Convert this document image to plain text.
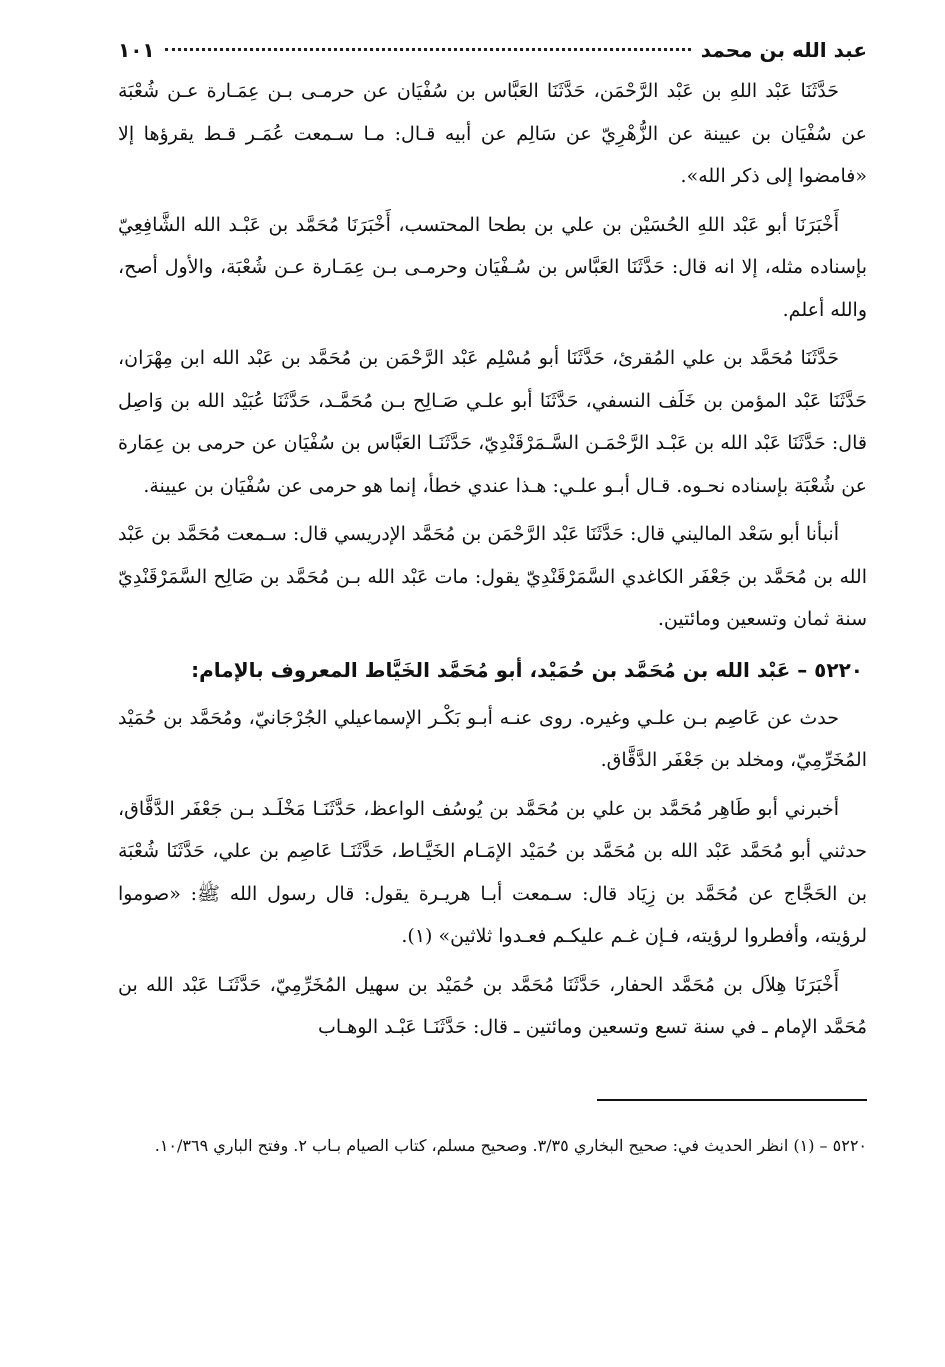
عبد الله بن محمد
١٠١

حَدَّثَنَا عَبْد اللهِ بن عَبْد الرَّحْمَن، حَدَّثَنَا العَبَّاس بن سُفْيَان عن حرمـى بـن عِمَـارة عـن شُعْبَة عن سُفْيَان بن عيينة عن الزُّهْرِيّ عن سَالِم عن أبيه قـال: مـا سـمعت عُمَـر قـط يقرؤها إلا «فامضوا إلى ذكر الله».

أَخْبَرَنَا أبو عَبْد اللهِ الحُسَيْن بن علي بن بطحا المحتسب، أَخْبَرَنَا مُحَمَّد بن عَبْـد الله الشَّافِعِيّ بإسناده مثله، إلا انه قال: حَدَّثَنَا العَبَّاس بن سُـفْيَان وحرمـى بـن عِمَـارة عـن شُعْبَة، والأول أصح، والله أعلم.

حَدَّثَنَا مُحَمَّد بن علي المُقرئ، حَدَّثَنَا أبو مُسْلِم عَبْد الرَّحْمَن بن مُحَمَّد بن عَبْد الله ابن مِهْرَان، حَدَّثَنَا عَبْد المؤمن بن خَلَف النسفي، حَدَّثَنَا أبو علـي صَـالِح بـن مُحَمَّـد، حَدَّثَنَا عُبَيْد الله بن وَاصِل قال: حَدَّثَنَا عَبْد الله بن عَبْـد الرَّحْمَـن السَّـمَرْقَنْدِيّ، حَدَّثَنَـا العَبَّاس بن سُفْيَان عن حرمى بن عِمَارة عن شُعْبَة بإسناده نحـوه. قـال أبـو علـي: هـذا عندي خطأ، إنما هو حرمى عن سُفْيَان بن عيينة.

أنبأنا أبو سَعْد الماليني قال: حَدَّثَنَا عَبْد الرَّحْمَن بن مُحَمَّد الإدريسي قال: سـمعت مُحَمَّد بن عَبْد الله بن مُحَمَّد بن جَعْفَر الكاغدي السَّمَرْقَنْدِيّ يقول: مات عَبْد الله بـن مُحَمَّد بن صَالِح السَّمَرْقَنْدِيّ سنة ثمان وتسعين ومائتين.

٥٢٢٠ – عَبْد الله بن مُحَمَّد بن حُمَيْد، أبو مُحَمَّد الخَيَّاط المعروف بالإمام:

حدث عن عَاصِم بـن علـي وغيره. روى عنـه أبـو بَكْـر الإسماعيلي الجُرْجَانيّ، ومُحَمَّد بن حُمَيْد المُخَرِّمِيّ، ومخلد بن جَعْفَر الدَّقَّاق.

أخبرني أبو طَاهِر مُحَمَّد بن علي بن مُحَمَّد بن يُوسُف الواعظ، حَدَّثَنَـا مَخْلَـد بـن جَعْفَر الدَّقَّاق، حدثني أبو مُحَمَّد عَبْد الله بن مُحَمَّد بن حُمَيْد الإمَـام الخَيَّـاط، حَدَّثَنَـا عَاصِم بن علي، حَدَّثَنَا شُعْبَة بن الحَجَّاج عن مُحَمَّد بن زِيَاد قال: سـمعت أبـا هريـرة يقول: قال رسول الله ﷺ: «صوموا لرؤيته، وأفطروا لرؤيته، فـإن غـم عليكـم فعـدوا ثلاثين» (١).

أَخْبَرَنَا هِلاَل بن مُحَمَّد الحفار، حَدَّثَنَا مُحَمَّد بن حُمَيْد بن سهيل المُخَرِّمِيّ، حَدَّثَنَـا عَبْد الله بن مُحَمَّد الإمام ـ في سنة تسع وتسعين ومائتين ـ قال: حَدَّثَنَـا عَبْـد الوهـاب

٥٢٢٠ – (١) انظر الحديث في: صحيح البخاري ٣/٣٥. وصحيح مسلم، كتاب الصيام بـاب ٢. وفتح الباري ١٠/٣٦٩.
